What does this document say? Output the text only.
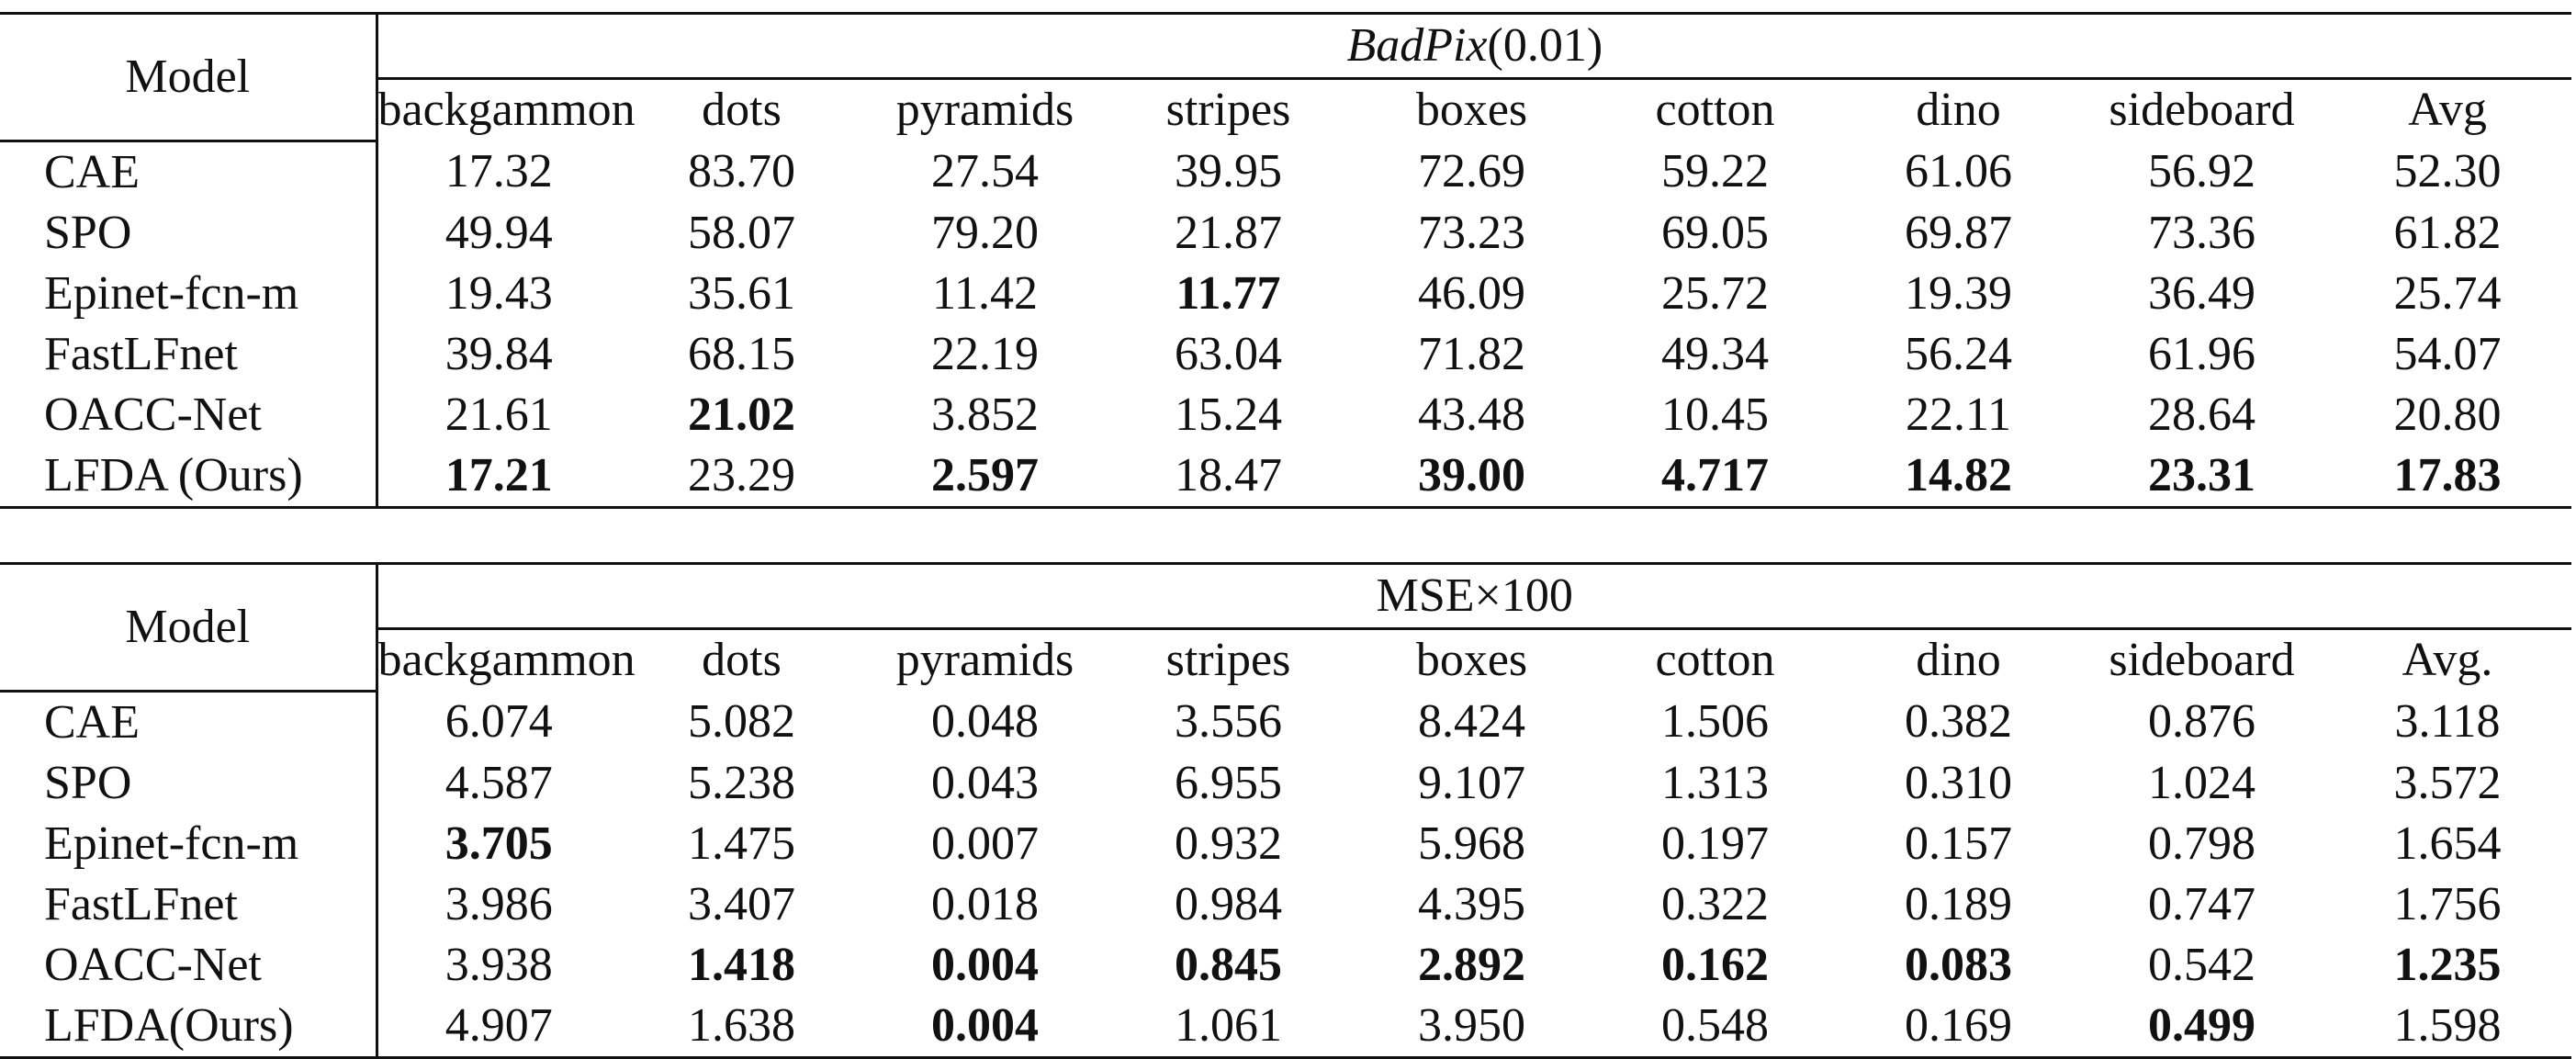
Model	BadPix(0.01)								
	backgammon	dots	pyramids	stripes	boxes	cotton	dino	sideboard	Avg
CAE	17.32	83.70	27.54	39.95	72.69	59.22	61.06	56.92	52.30
SPO	49.94	58.07	79.20	21.87	73.23	69.05	69.87	73.36	61.82
Epinet-fcn-m	19.43	35.61	11.42	11.77	46.09	25.72	19.39	36.49	25.74
FastLFnet	39.84	68.15	22.19	63.04	71.82	49.34	56.24	61.96	54.07
OACC-Net	21.61	21.02	3.852	15.24	43.48	10.45	22.11	28.64	20.80
LFDA (Ours)	17.21	23.29	2.597	18.47	39.00	4.717	14.82	23.31	17.83
Model	MSE×100								
	backgammon	dots	pyramids	stripes	boxes	cotton	dino	sideboard	Avg.
CAE	6.074	5.082	0.048	3.556	8.424	1.506	0.382	0.876	3.118
SPO	4.587	5.238	0.043	6.955	9.107	1.313	0.310	1.024	3.572
Epinet-fcn-m	3.705	1.475	0.007	0.932	5.968	0.197	0.157	0.798	1.654
FastLFnet	3.986	3.407	0.018	0.984	4.395	0.322	0.189	0.747	1.756
OACC-Net	3.938	1.418	0.004	0.845	2.892	0.162	0.083	0.542	1.235
LFDA(Ours)	4.907	1.638	0.004	1.061	3.950	0.548	0.169	0.499	1.598
